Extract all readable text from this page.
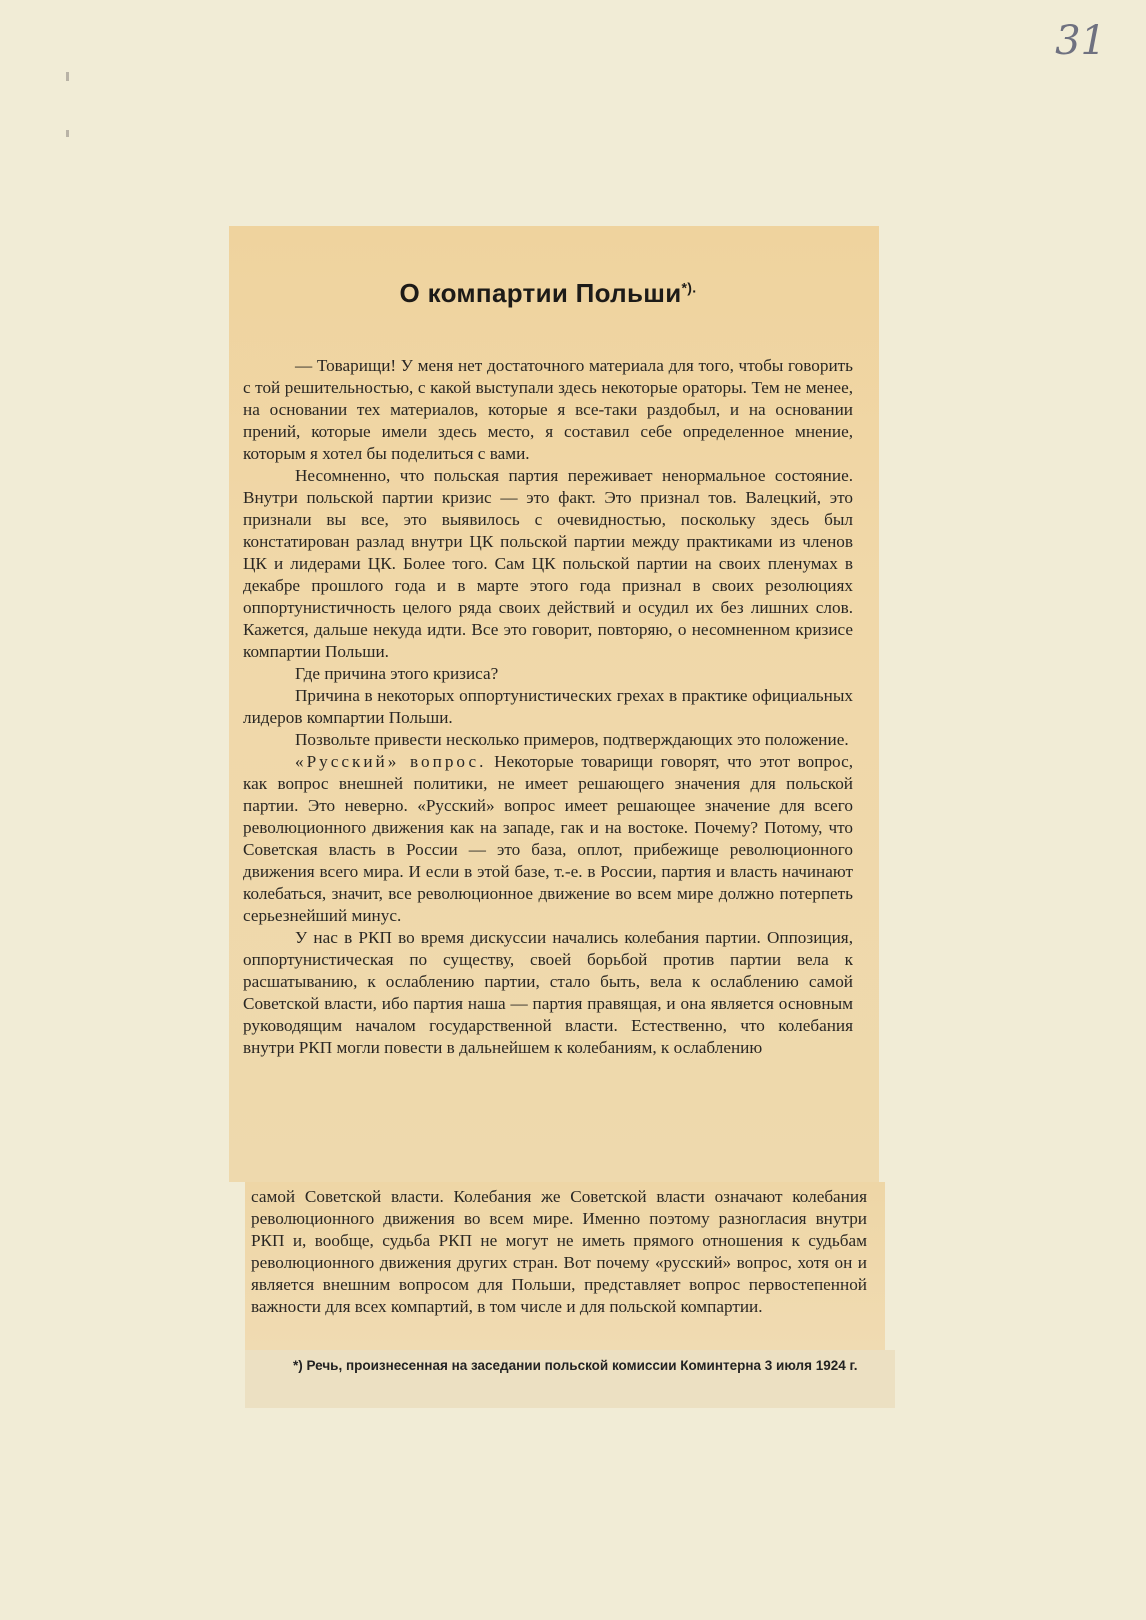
31
О компартии Польши*).

— Товарищи! У меня нет достаточного материала для того, чтобы говорить с той решительностью, с какой выступали здесь некоторые ораторы. Тем не менее, на основании тех материалов, которые я все-таки раздобыл, и на основании прений, которые имели здесь место, я составил себе определенное мнение, которым я хотел бы поделиться с вами.

Несомненно, что польская партия переживает ненормальное состояние. Внутри польской партии кризис — это факт. Это признал тов. Валецкий, это признали вы все, это выявилось с очевидностью, поскольку здесь был констатирован разлад внутри ЦК польской партии между практиками из членов ЦК и лидерами ЦК. Более того. Сам ЦК польской партии на своих пленумах в декабре прошлого года и в марте этого года признал в своих резолюциях оппортунистичность целого ряда своих действий и осудил их без лишних слов. Кажется, дальше некуда идти. Все это говорит, повторяю, о несомненном кризисе компартии Польши.

Где причина этого кризиса?

Причина в некоторых оппортунистических грехах в практике официальных лидеров компартии Польши.

Позвольте привести несколько примеров, подтверждающих это положение.

«Русский» вопрос. Некоторые товарищи говорят, что этот вопрос, как вопрос внешней политики, не имеет решающего значения для польской партии. Это неверно. «Русский» вопрос имеет решающее значение для всего революционного движения как на западе, гак и на востоке. Почему? Потому, что Советская власть в России — это база, оплот, прибежище революционного движения всего мира. И если в этой базе, т.-е. в России, партия и власть начинают колебаться, значит, все революционное движение во всем мире должно потерпеть серьезнейший минус.

У нас в РКП во время дискуссии начались колебания партии. Оппозиция, оппортунистическая по существу, своей борьбой против партии вела к расшатыванию, к ослаблению партии, стало быть, вела к ослаблению самой Советской власти, ибо партия наша — партия правящая, и она является основным руководящим началом государственной власти. Естественно, что колебания внутри РКП могли повести в дальнейшем к колебаниям, к ослаблению

самой Советской власти. Колебания же Советской власти означают колебания революционного движения во всем мире. Именно поэтому разногласия внутри РКП и, вообще, судьба РКП не могут не иметь прямого отношения к судьбам революционного движения других стран. Вот почему «русский» вопрос, хотя он и является внешним вопросом для Польши, представляет вопрос первостепенной важности для всех компартий, в том числе и для польской компартии.

*) Речь, произнесенная на заседании польской комиссии Коминтерна 3 июля 1924 г.
